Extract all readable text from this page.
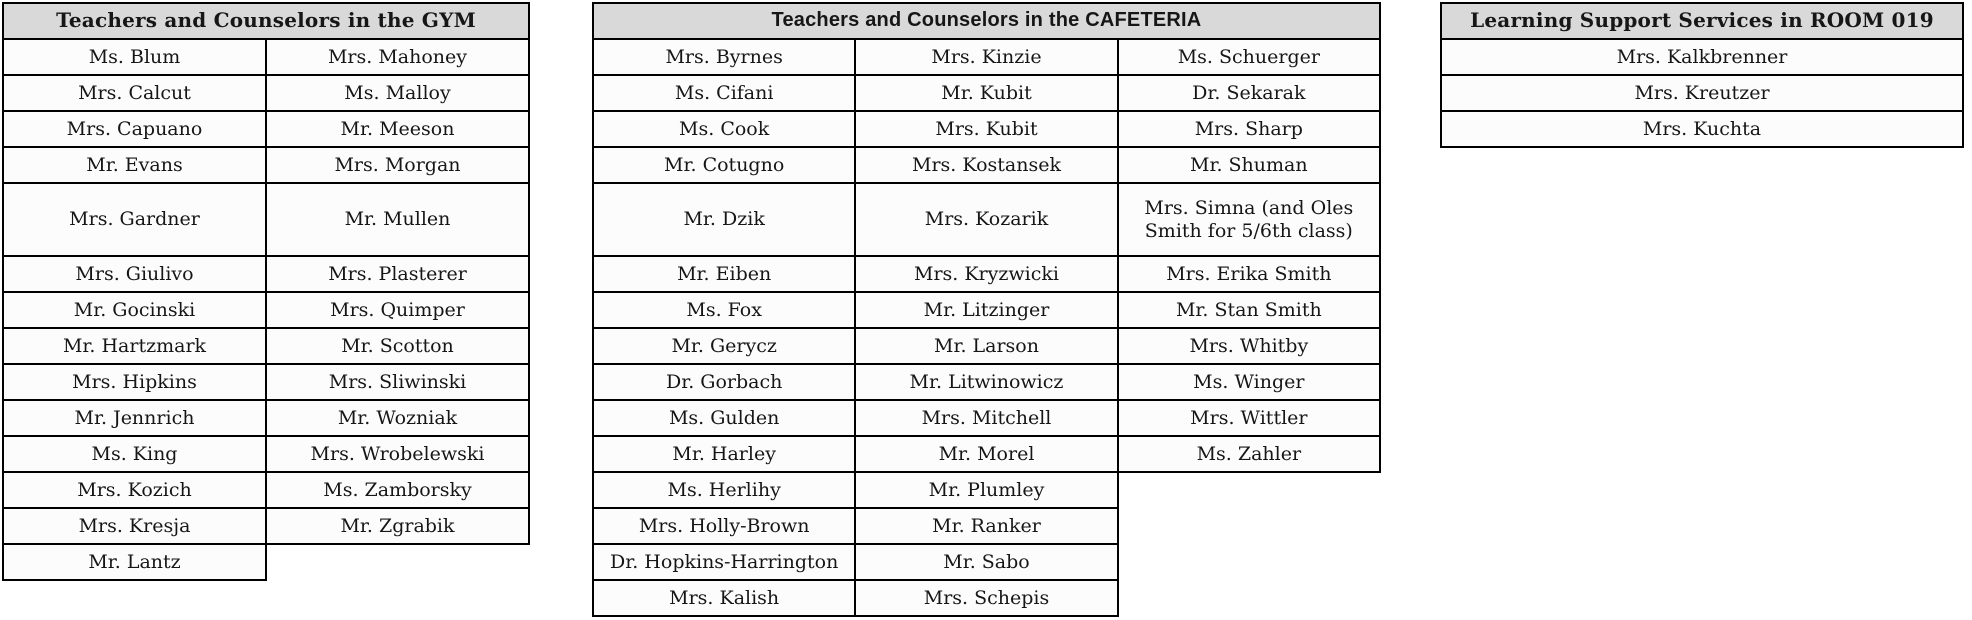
Teachers and Counselors in the GYM	
Ms. Blum	Mrs. Mahoney
Mrs. Calcut	Ms. Malloy
Mrs. Capuano	Mr. Meeson
Mr. Evans	Mrs. Morgan
Mrs. Gardner	Mr. Mullen
Mrs. Giulivo	Mrs. Plasterer
Mr. Gocinski	Mrs. Quimper
Mr. Hartzmark	Mr. Scotton
Mrs. Hipkins	Mrs. Sliwinski
Mr. Jennrich	Mr. Wozniak
Ms. King	Mrs. Wrobelewski
Mrs. Kozich	Ms. Zamborsky
Mrs. Kresja	Mr. Zgrabik
Mr. Lantz	
Teachers and Counselors in the CAFETERIA		
Mrs. Byrnes	Mrs. Kinzie	Ms. Schuerger
Ms. Cifani	Mr. Kubit	Dr. Sekarak
Ms. Cook	Mrs. Kubit	Mrs. Sharp
Mr. Cotugno	Mrs. Kostansek	Mr. Shuman
Mr. Dzik	Mrs. Kozarik	Mrs. Simna (and Oles Smith for 5/6th class)
Mr. Eiben	Mrs. Kryzwicki	Mrs. Erika Smith
Ms. Fox	Mr. Litzinger	Mr. Stan Smith
Mr. Gerycz	Mr. Larson	Mrs. Whitby
Dr. Gorbach	Mr. Litwinowicz	Ms. Winger
Ms. Gulden	Mrs. Mitchell	Mrs. Wittler
Mr. Harley	Mr. Morel	Ms. Zahler
Ms. Herlihy	Mr. Plumley	
Mrs. Holly-Brown	Mr. Ranker	
Dr. Hopkins-Harrington	Mr. Sabo	
Mrs. Kalish	Mrs. Schepis	
Learning Support Services in ROOM 019
Mrs. Kalkbrenner
Mrs. Kreutzer
Mrs. Kuchta
